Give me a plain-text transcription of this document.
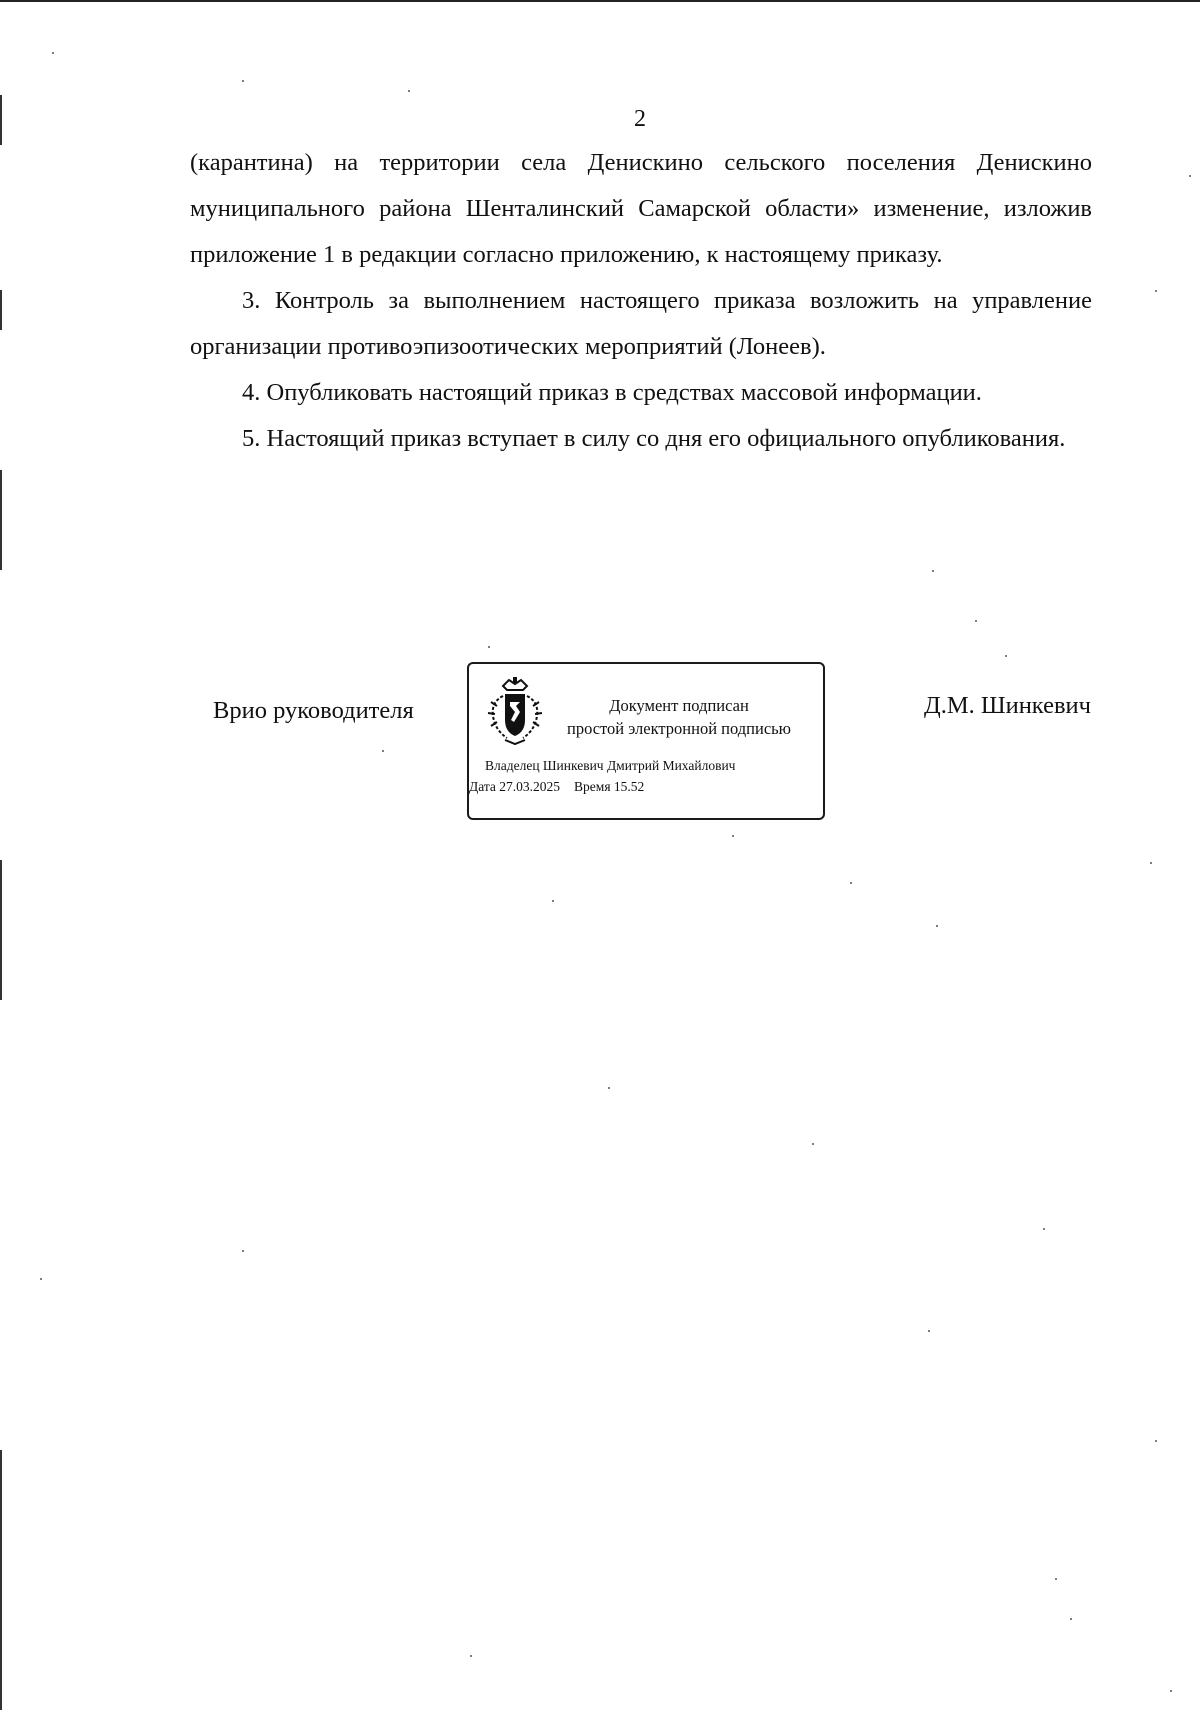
2

(карантина) на территории села Денискино сельского поселения Денискино муниципального района Шенталинский Самарской области» изменение, изложив приложение 1 в редакции согласно приложению, к настоящему приказу.

3. Контроль за выполнением настоящего приказа возложить на управление организации противоэпизоотических мероприятий (Лонеев).

4. Опубликовать настоящий приказ в средствах массовой информации.

5. Настоящий приказ вступает в силу со дня его официального опубликования.

Врио руководителя	Документ подписан
простой электронной подписью
Владелец Шинкевич Дмитрий Михайлович
Дата 27.03.2025 Время 15.52
Д.М. Шинкевич
